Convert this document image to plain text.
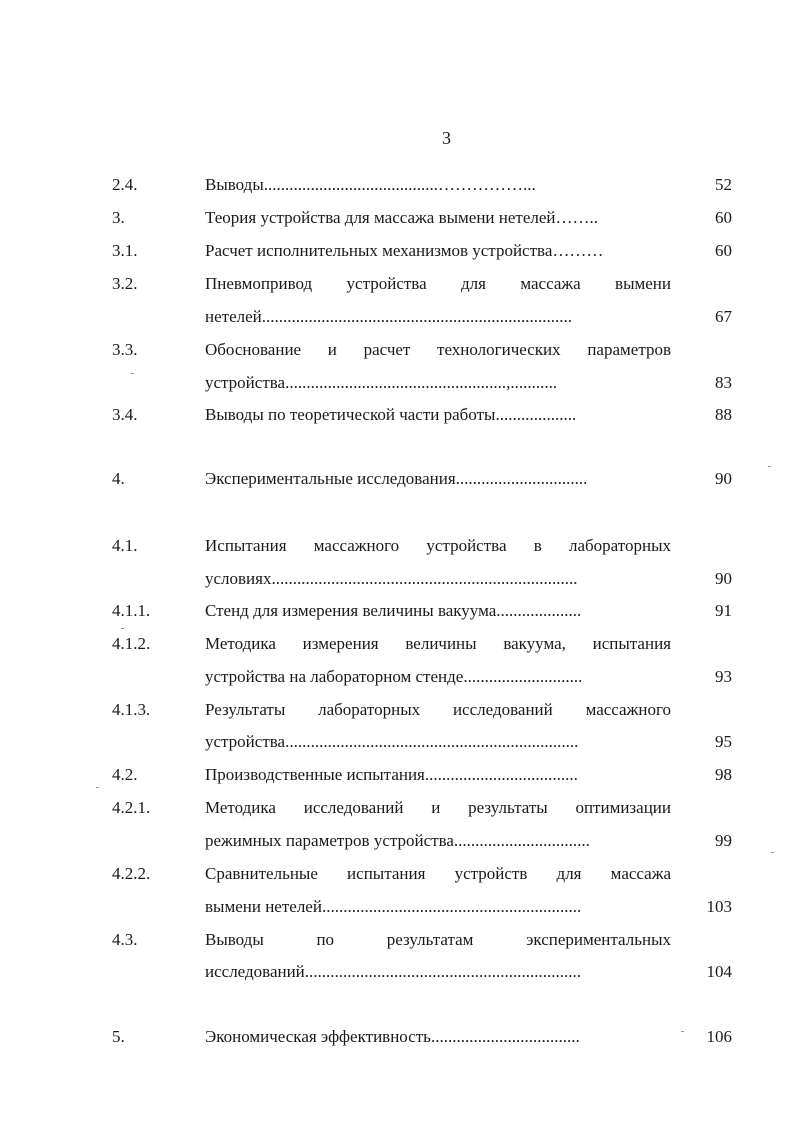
3
2.4.	Выводы.........................................……………...	52
3.	Теория устройства для массажа вымени нетелей……..	60
3.1.	Расчет исполнительных механизмов устройства………	60
3.2.	Пневмопривод устройства для массажа вымени
нетелей.........................................................................	67
3.3.	Обоснование и расчет технологических параметров
устройства....................................................,...........	83
3.4.	Выводы по теоретической части работы...................	88
4.	Экспериментальные исследования...............................	90
4.1.	Испытания массажного устройства в лабораторных
условиях........................................................................	90
4.1.1.	Стенд для измерения величины вакуума....................	91
4.1.2.	Методика измерения величины вакуума, испытания
устройства на лабораторном стенде............................	93
4.1.3.	Результаты лабораторных исследований массажного
устройства.....................................................................	95
4.2.	Производственные испытания....................................	98
4.2.1.	Методика исследований и результаты оптимизации
режимных параметров устройства................................	99
4.2.2.	Сравнительные испытания устройств для массажа
вымени нетелей.............................................................	103
4.3.	Выводы по результатам экспериментальных
исследований.................................................................	104
5.	Экономическая эффективность...................................	106
